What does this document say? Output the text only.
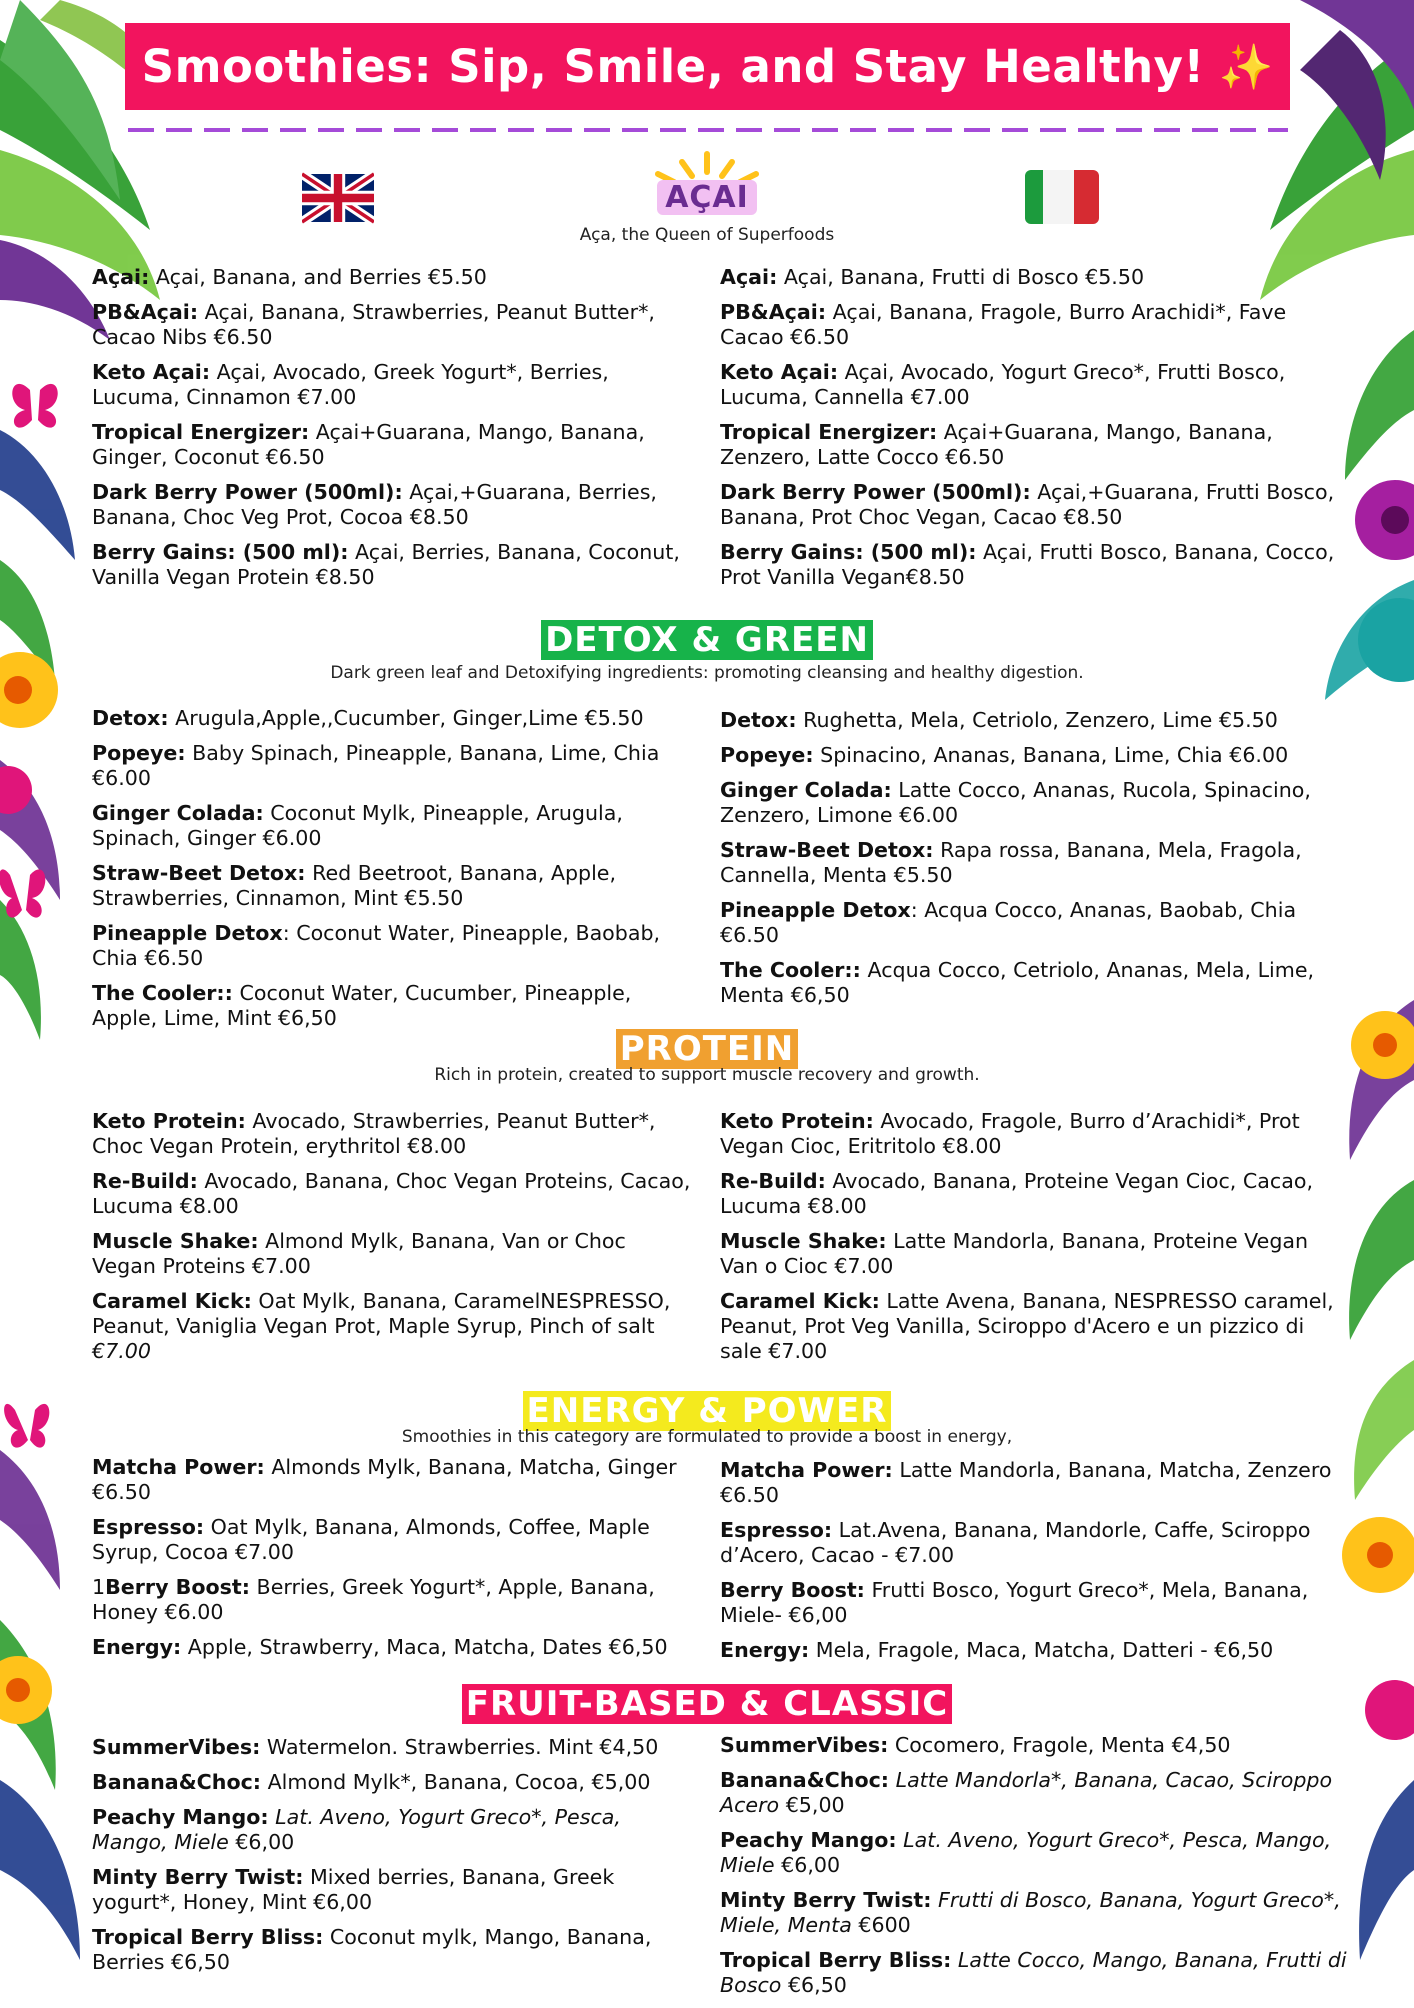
Smoothies: Sip, Smile, and Stay Healthy! ✨
AÇAI
Aça, the Queen of Superfoods
Açai: Açai, Banana, and Berries €5.50
PB&Açai: Açai, Banana, Strawberries, Peanut Butter*, Cacao Nibs €6.50
Keto Açai: Açai, Avocado, Greek Yogurt*, Berries, Lucuma, Cinnamon €7.00
Tropical Energizer: Açai+Guarana, Mango, Banana, Ginger, Coconut €6.50
Dark Berry Power (500ml): Açai,+Guarana, Berries, Banana, Choc Veg Prot, Cocoa €8.50
Berry Gains: (500 ml): Açai, Berries, Banana, Coconut, Vanilla Vegan Protein €8.50
Açai: Açai, Banana, Frutti di Bosco €5.50
PB&Açai: Açai, Banana, Fragole, Burro Arachidi*, Fave Cacao €6.50
Keto Açai: Açai, Avocado, Yogurt Greco*, Frutti Bosco, Lucuma, Cannella €7.00
Tropical Energizer: Açai+Guarana, Mango, Banana, Zenzero, Latte Cocco €6.50
Dark Berry Power (500ml): Açai,+Guarana, Frutti Bosco, Banana, Prot Choc Vegan, Cacao €8.50
Berry Gains: (500 ml): Açai, Frutti Bosco, Banana, Cocco, Prot Vanilla Vegan€8.50
DETOX & GREEN
Dark green leaf and Detoxifying ingredients: promoting cleansing and healthy digestion.
Detox: Arugula,Apple,,Cucumber, Ginger,Lime €5.50
Popeye: Baby Spinach, Pineapple, Banana, Lime, Chia €6.00
Ginger Colada: Coconut Mylk, Pineapple, Arugula, Spinach, Ginger €6.00
Straw-Beet Detox: Red Beetroot, Banana, Apple, Strawberries, Cinnamon, Mint €5.50
Pineapple Detox: Coconut Water, Pineapple, Baobab, Chia €6.50
The Cooler:: Coconut Water, Cucumber, Pineapple, Apple, Lime, Mint €6,50
Detox: Rughetta, Mela, Cetriolo, Zenzero, Lime €5.50
Popeye: Spinacino, Ananas, Banana, Lime, Chia €6.00
Ginger Colada: Latte Cocco, Ananas, Rucola, Spinacino, Zenzero, Limone €6.00
Straw-Beet Detox: Rapa rossa, Banana, Mela, Fragola, Cannella, Menta €5.50
Pineapple Detox: Acqua Cocco, Ananas, Baobab, Chia €6.50
The Cooler:: Acqua Cocco, Cetriolo, Ananas, Mela, Lime, Menta €6,50
PROTEIN
Rich in protein, created to support muscle recovery and growth.
Keto Protein: Avocado, Strawberries, Peanut Butter*, Choc Vegan Protein, erythritol €8.00
Re-Build: Avocado, Banana, Choc Vegan Proteins, Cacao, Lucuma €8.00
Muscle Shake: Almond Mylk, Banana, Van or Choc Vegan Proteins €7.00
Caramel Kick: Oat Mylk, Banana, CaramelNESPRESSO, Peanut, Vaniglia Vegan Prot, Maple Syrup, Pinch of salt €7.00
Keto Protein: Avocado, Fragole, Burro d’Arachidi*, Prot Vegan Cioc, Eritritolo €8.00
Re-Build: Avocado, Banana, Proteine Vegan Cioc, Cacao, Lucuma €8.00
Muscle Shake: Latte Mandorla, Banana, Proteine Vegan Van o Cioc €7.00
Caramel Kick: Latte Avena, Banana, NESPRESSO caramel, Peanut, Prot Veg Vanilla, Sciroppo d'Acero e un pizzico di sale €7.00
ENERGY & POWER
Smoothies in this category are formulated to provide a boost in energy,
Matcha Power: Almonds Mylk, Banana, Matcha, Ginger €6.50
Espresso: Oat Mylk, Banana, Almonds, Coffee, Maple Syrup, Cocoa €7.00
1Berry Boost: Berries, Greek Yogurt*, Apple, Banana, Honey €6.00
Energy: Apple, Strawberry, Maca, Matcha, Dates €6,50
Matcha Power: Latte Mandorla, Banana, Matcha, Zenzero €6.50
Espresso: Lat.Avena, Banana, Mandorle, Caffe, Sciroppo d’Acero, Cacao - €7.00
Berry Boost: Frutti Bosco, Yogurt Greco*, Mela, Banana, Miele- €6,00
Energy: Mela, Fragole, Maca, Matcha, Datteri - €6,50
FRUIT-BASED & CLASSIC
SummerVibes: Watermelon. Strawberries. Mint €4,50
Banana&Choc: Almond Mylk*, Banana, Cocoa, €5,00
Peachy Mango: Lat. Aveno, Yogurt Greco*, Pesca, Mango, Miele €6,00
Minty Berry Twist: Mixed berries, Banana, Greek yogurt*, Honey, Mint €6,00
Tropical Berry Bliss: Coconut mylk, Mango, Banana, Berries €6,50
SummerVibes: Cocomero, Fragole, Menta €4,50
Banana&Choc: Latte Mandorla*, Banana, Cacao, Sciroppo Acero €5,00
Peachy Mango: Lat. Aveno, Yogurt Greco*, Pesca, Mango, Miele €6,00
Minty Berry Twist: Frutti di Bosco, Banana, Yogurt Greco*, Miele, Menta €600
Tropical Berry Bliss: Latte Cocco, Mango, Banana, Frutti di Bosco €6,50
